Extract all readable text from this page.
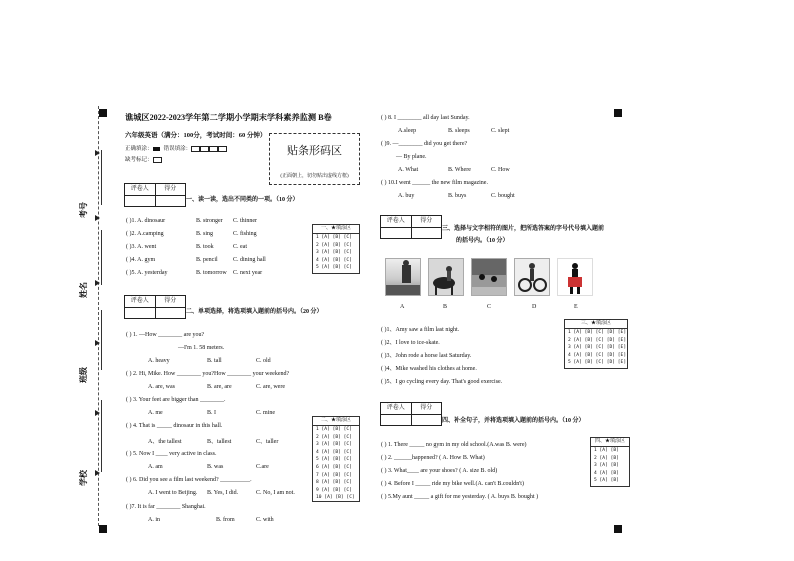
考号
姓名
班级
学校
谯城区2022-2023学年第二学期小学期末学科素养监测 B卷
六年级英语（满分：100分，考试时间：60 分钟）
正确填涂： 错误填涂：
缺考标记：
贴条形码区
(正面朝上，切勿贴出虚线方框)
评卷人	得分
一、读一读，选出不同类的一项。（10 分）
( )1. A. dinosaur	B. stronger C. thinner
( )2. A.camping	B. sing	C. fishing
( )3. A. went	B. took	C. eat
( )4. A. gym	B. pencil	C. dining hall
( )5. A. yesterday	B. tomorrow C. next year
一、★填涂区
1 [A] [B] [C]
2 [A] [B] [C]
3 [A] [B] [C]
4 [A] [B] [C]
5 [A] [B] [C]
评卷人	得分
二、单项选择，将选项填入题前的括号内。（20 分）
( ) 1. —How ________ are you?
—I'm 1. 58 meters.
A. heavy	B. tall	C. old
( ) 2. Hi, Mike. How ________ you?How ________ your weekend?
A. are, was	B. are, are	C. are, were
( ) 3. Your feet are bigger than ________.
A. me	B. I	C. mine
( ) 4. That is _____ dinosaur in this hall.
A、the tallest	B、tallest	C、taller
( ) 5. Now I ____ very active in class.
A. am	B. was	C.are
( ) 6. Did you see a film last weekend? __________.
A. I went to Beijing. B. Yes, I did.	C. No, I am not.
( )7. It is far ________ Shanghai.
A. in	B. from	C. with
二、★填涂区
1 [A] [B] [C]
2 [A] [B] [C]
3 [A] [B] [C]
4 [A] [B] [C]
5 [A] [B] [C]
6 [A] [B] [C]
7 [A] [B] [C]
8 [A] [B] [C]
9 [A] [B] [C]
10 [A] [B] [C]
( ) 8. I ________ all day last Sunday.
A.sleep	B. sleeps	C. slept
( )9. —________ did you get there?
— By plane.
A. What	B. Where	C. How
( ) 10.I went ______ the new film magazine.
A. buy	B. buys	C. bought
评卷人	得分
三、选择与文字相符的图片，把所选答案的字号代号填入题前
的括号内。（10 分）
A	B	C	D	E
( )1、Amy saw a film last night.
( )2、I love to ice-skate.
( )3、John rode a horse last Saturday.
( )4、Mike washed his clothes at home.
( )5、I go cycling every day. That's good exercise.
三、★填涂区
1 [A] [B] [C] [D] [E]
2 [A] [B] [C] [D] [E]
3 [A] [B] [C] [D] [E]
4 [A] [B] [C] [D] [E]
5 [A] [B] [C] [D] [E]
评卷人	得分
四、补全句子，并将选项填入题前的括号内。（10 分）
( ) 1. There _____ no gym in my old school.(A.was B. were)
( ) 2. ______happened? ( A. How B. What)
( ) 3. What____ are your shoes? ( A. size B. old)
( ) 4. Before I _____ ride my bike well.(A. can't B.couldn't)
( ) 5.My aunt _____ a gift for me yesterday. ( A. buys B. bought )
四、★填涂区
1 [A] [B]
2 [A] [B]
3 [A] [B]
4 [A] [B]
5 [A] [B]
